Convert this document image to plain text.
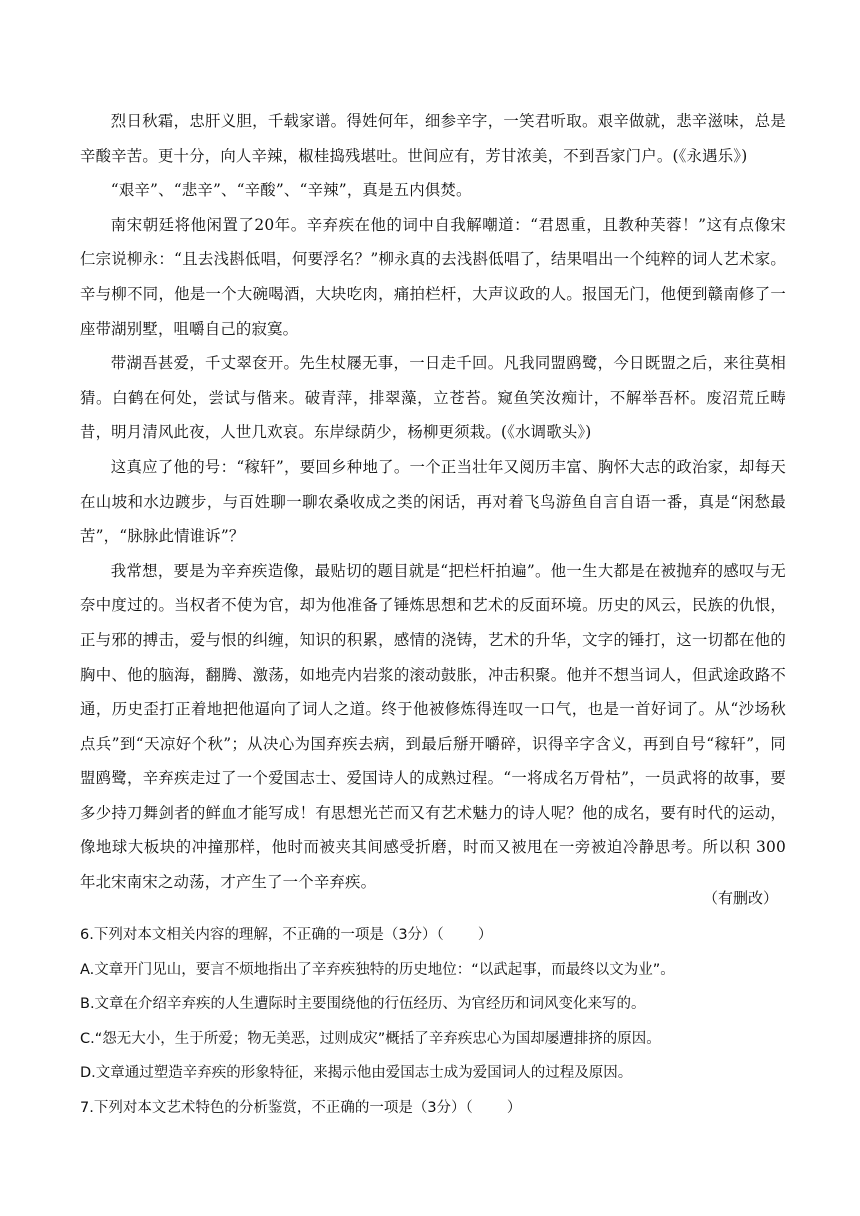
烈日秋霜，忠肝义胆，千载家谱。得姓何年，细参辛字，一笑君听取。艰辛做就，悲辛滋味，总是辛酸辛苦。更十分，向人辛辣，椒桂捣残堪吐。世间应有，芳甘浓美，不到吾家门户。(《永遇乐》)

“艰辛”、“悲辛”、“辛酸”、“辛辣”，真是五内俱焚。

南宋朝廷将他闲置了20年。辛弃疾在他的词中自我解嘲道：“君恩重，且教种芙蓉！”这有点像宋仁宗说柳永：“且去浅斟低唱，何要浮名？”柳永真的去浅斟低唱了，结果唱出一个纯粹的词人艺术家。辛与柳不同，他是一个大碗喝酒，大块吃肉，痛拍栏杆，大声议政的人。报国无门，他便到赣南修了一座带湖别墅，咀嚼自己的寂寞。

带湖吾甚爱，千丈翠奁开。先生杖屦无事，一日走千回。凡我同盟鸥鹭，今日既盟之后，来往莫相猜。白鹤在何处，尝试与偕来。破青萍，排翠藻，立苍苔。窥鱼笑汝痴计，不解举吾杯。废沼荒丘畴昔，明月清风此夜，人世几欢哀。东岸绿荫少，杨柳更须栽。(《水调歌头》)

这真应了他的号：“稼轩”，要回乡种地了。一个正当壮年又阅历丰富、胸怀大志的政治家，却每天在山坡和水边踱步，与百姓聊一聊农桑收成之类的闲话，再对着飞鸟游鱼自言自语一番，真是“闲愁最苦”，“脉脉此情谁诉”？

我常想，要是为辛弃疾造像，最贴切的题目就是“把栏杆拍遍”。他一生大都是在被抛弃的感叹与无奈中度过的。当权者不使为官，却为他准备了锤炼思想和艺术的反面环境。历史的风云，民族的仇恨，正与邪的搏击，爱与恨的纠缠，知识的积累，感情的浇铸，艺术的升华，文字的锤打，这一切都在他的胸中、他的脑海，翻腾、激荡，如地壳内岩浆的滚动鼓胀，冲击积聚。他并不想当词人，但武途政路不通，历史歪打正着地把他逼向了词人之道。终于他被修炼得连叹一口气，也是一首好词了。从“沙场秋点兵”到“天凉好个秋”；从决心为国弃疾去病，到最后掰开嚼碎，识得辛字含义，再到自号“稼轩”，同盟鸥鹭，辛弃疾走过了一个爱国志士、爱国诗人的成熟过程。“一将成名万骨枯”，一员武将的故事，要多少持刀舞剑者的鲜血才能写成！有思想光芒而又有艺术魅力的诗人呢？他的成名，要有时代的运动，像地球大板块的冲撞那样，他时而被夹其间感受折磨，时而又被甩在一旁被迫冷静思考。所以积 300 年北宋南宋之动荡，才产生了一个辛弃疾。

（有删改）

6.下列对本文相关内容的理解，不正确的一项是（3分）（ ）

A.文章开门见山，要言不烦地指出了辛弃疾独特的历史地位：“以武起事，而最终以文为业”。

B.文章在介绍辛弃疾的人生遭际时主要围绕他的行伍经历、为官经历和词风变化来写的。

C.“怨无大小，生于所爱；物无美恶，过则成灾”概括了辛弃疾忠心为国却屡遭排挤的原因。

D.文章通过塑造辛弃疾的形象特征，来揭示他由爱国志士成为爱国词人的过程及原因。

7.下列对本文艺术特色的分析鉴赏，不正确的一项是（3分）（ ）
